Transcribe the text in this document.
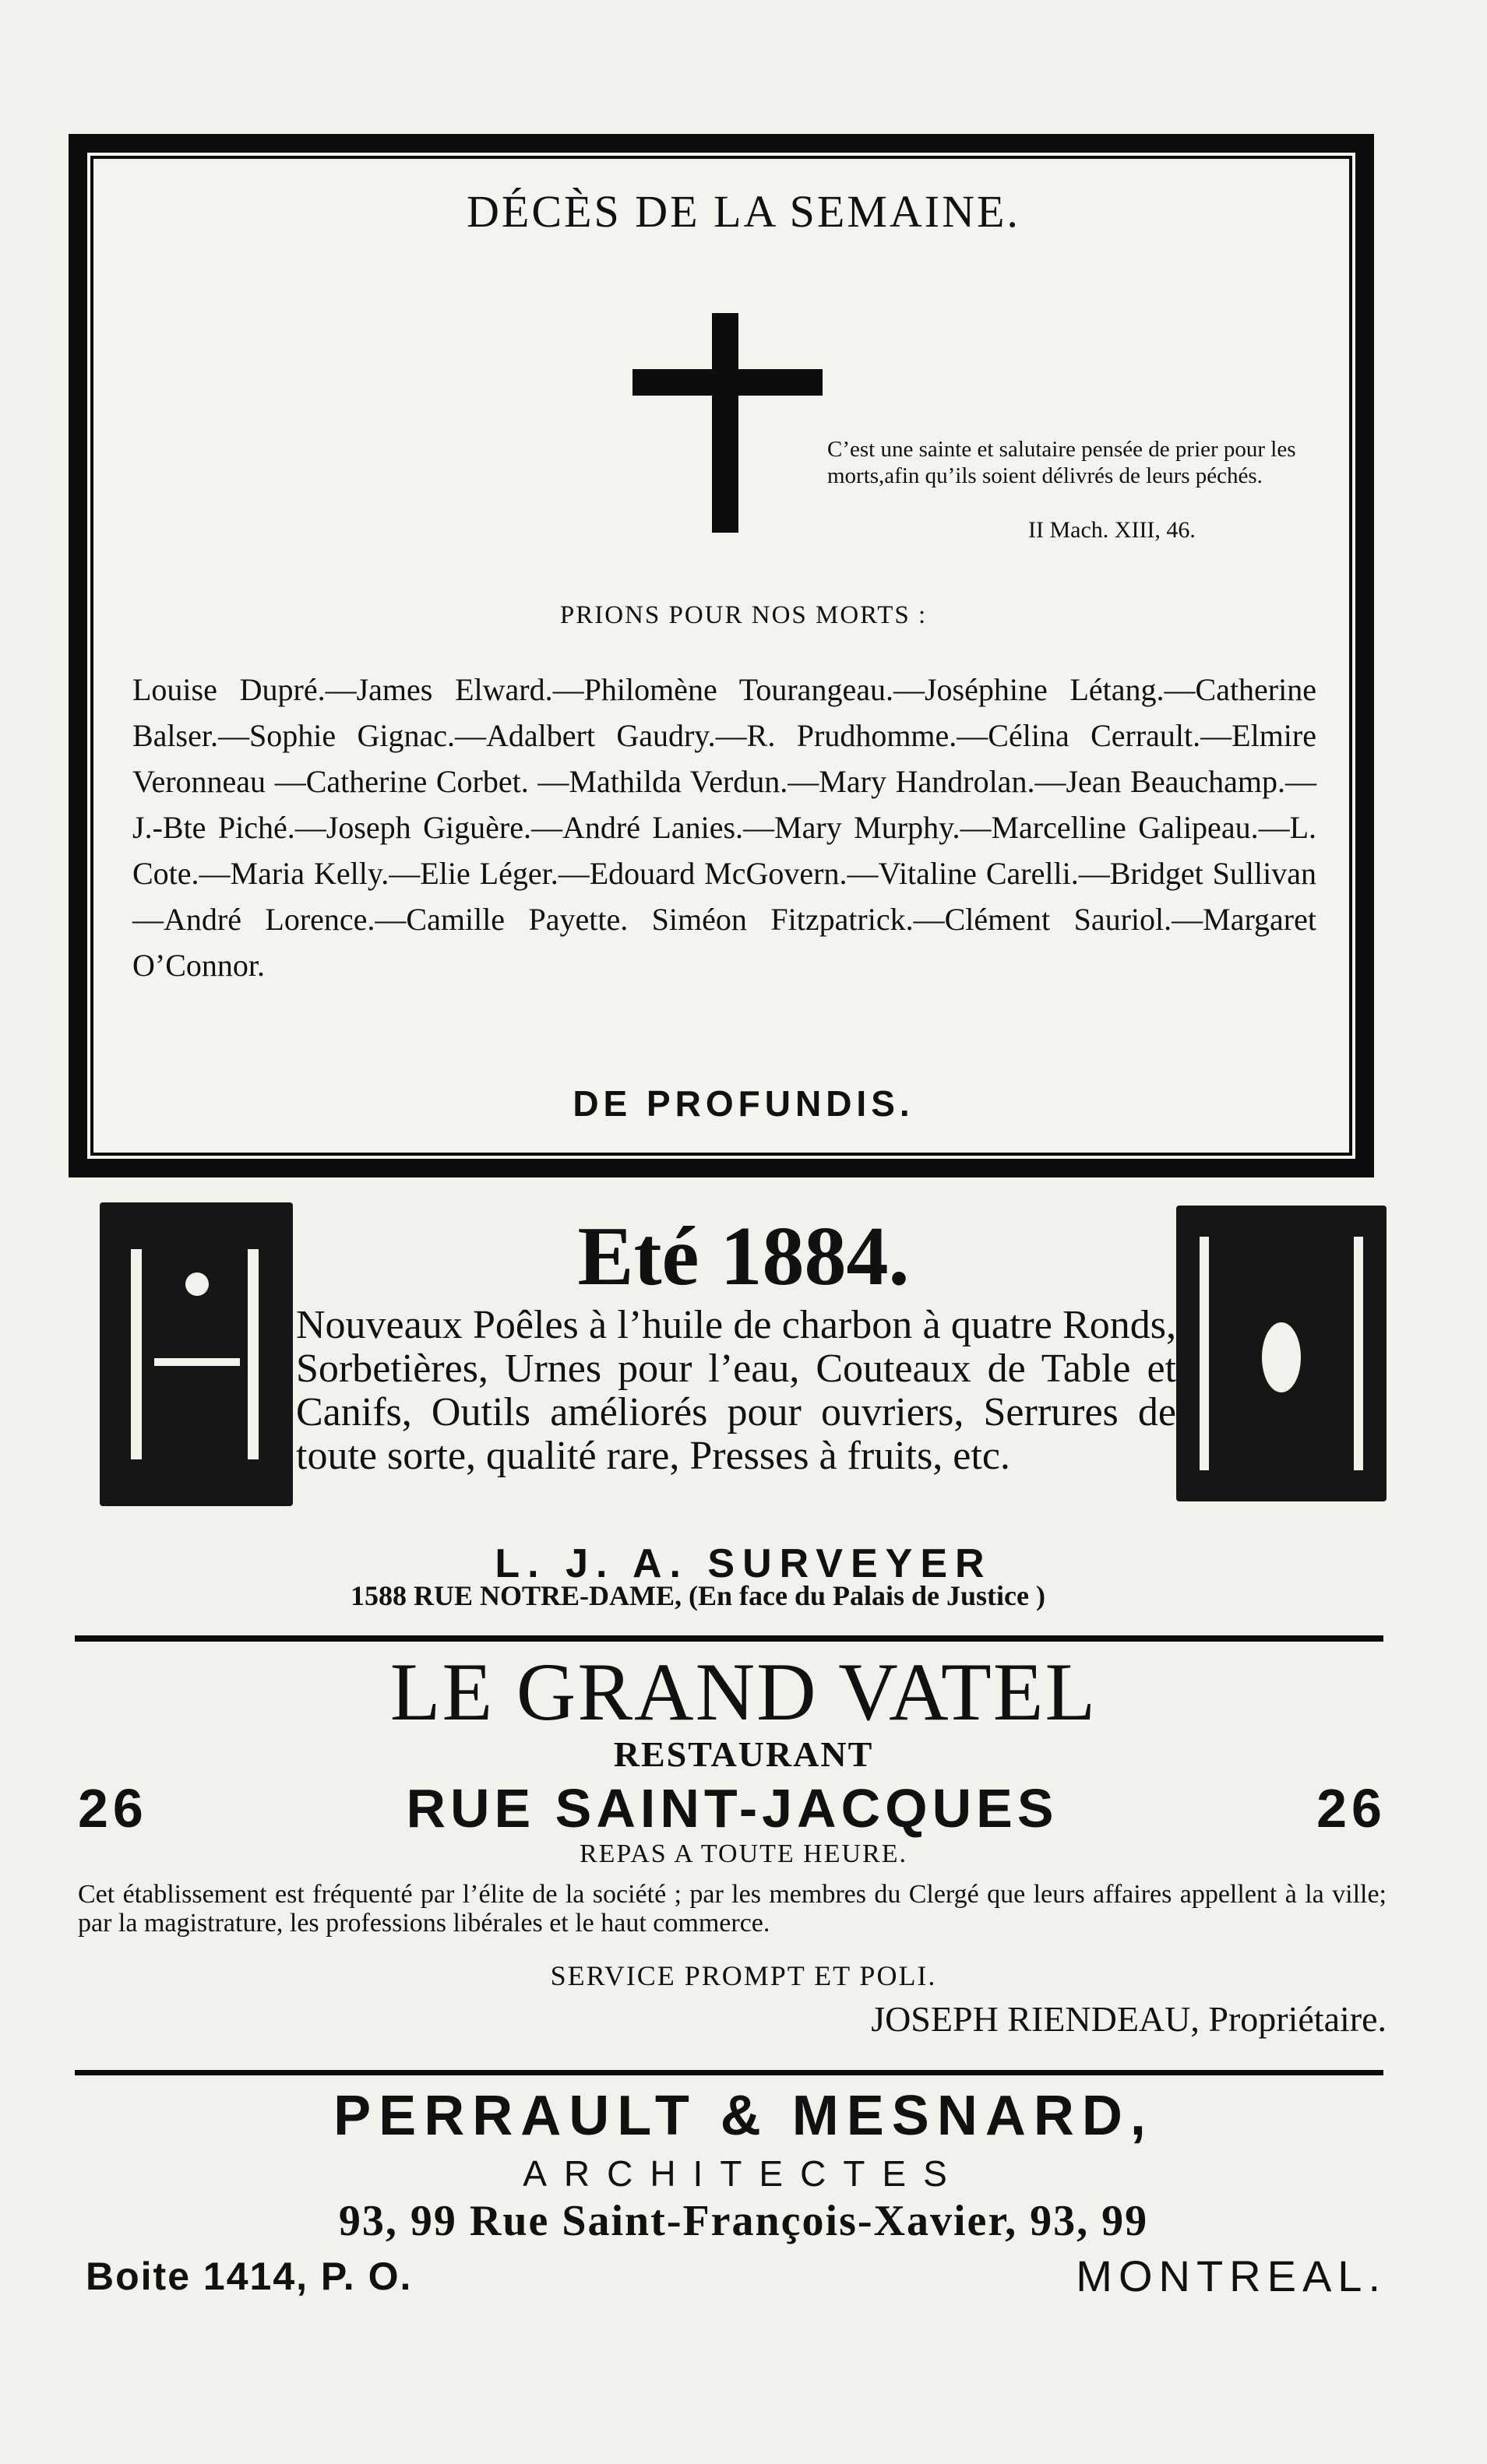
DÉCÈS DE LA SEMAINE.
C’est une sainte et salutaire pensée de prier pour les morts,afin qu’ils soient délivrés de leurs péchés.
II Mach. XIII, 46.
PRIONS POUR NOS MORTS :
Louise Dupré.—James Elward.—Philomène Tourangeau.—Joséphine Létang.—Catherine Balser.—Sophie Gignac.—Adalbert Gaudry.—R. Prudhomme.—Célina Cerrault.—Elmire Veronneau —Catherine Corbet. —Mathilda Verdun.—Mary Handrolan.—Jean Beauchamp.—J.-Bte Piché.—Joseph Giguère.—André Lanies.—Mary Murphy.—Marcelline Galipeau.—L. Cote.—Maria Kelly.—Elie Léger.—Edouard McGovern.—Vitaline Carelli.—Bridget Sullivan —André Lorence.—Camille Payette. Siméon Fitzpatrick.—Clément Sauriol.—Margaret O’Connor.
DE PROFUNDIS.
Eté 1884.
Nouveaux Poêles à l’huile de charbon à quatre Ronds, Sorbetières, Urnes pour l’eau, Couteaux de Table et Canifs, Outils améliorés pour ouvriers, Serrures de toute sorte, qualité rare, Presses à fruits, etc.
L. J. A. SURVEYER
1588 RUE NOTRE-DAME, (En face du Palais de Justice )
LE GRAND VATEL
RESTAURANT
26	RUE SAINT-JACQUES	26
REPAS A TOUTE HEURE.
Cet établissement est fréquenté par l’élite de la société ; par les membres du Clergé que leurs affaires appellent à la ville; par la magistrature, les professions libérales et le haut commerce.
SERVICE PROMPT ET POLI.
JOSEPH RIENDEAU, Propriétaire.
PERRAULT & MESNARD,
ARCHITECTES
93, 99 Rue Saint-François-Xavier, 93, 99
Boite 1414, P. O.	MONTREAL.
